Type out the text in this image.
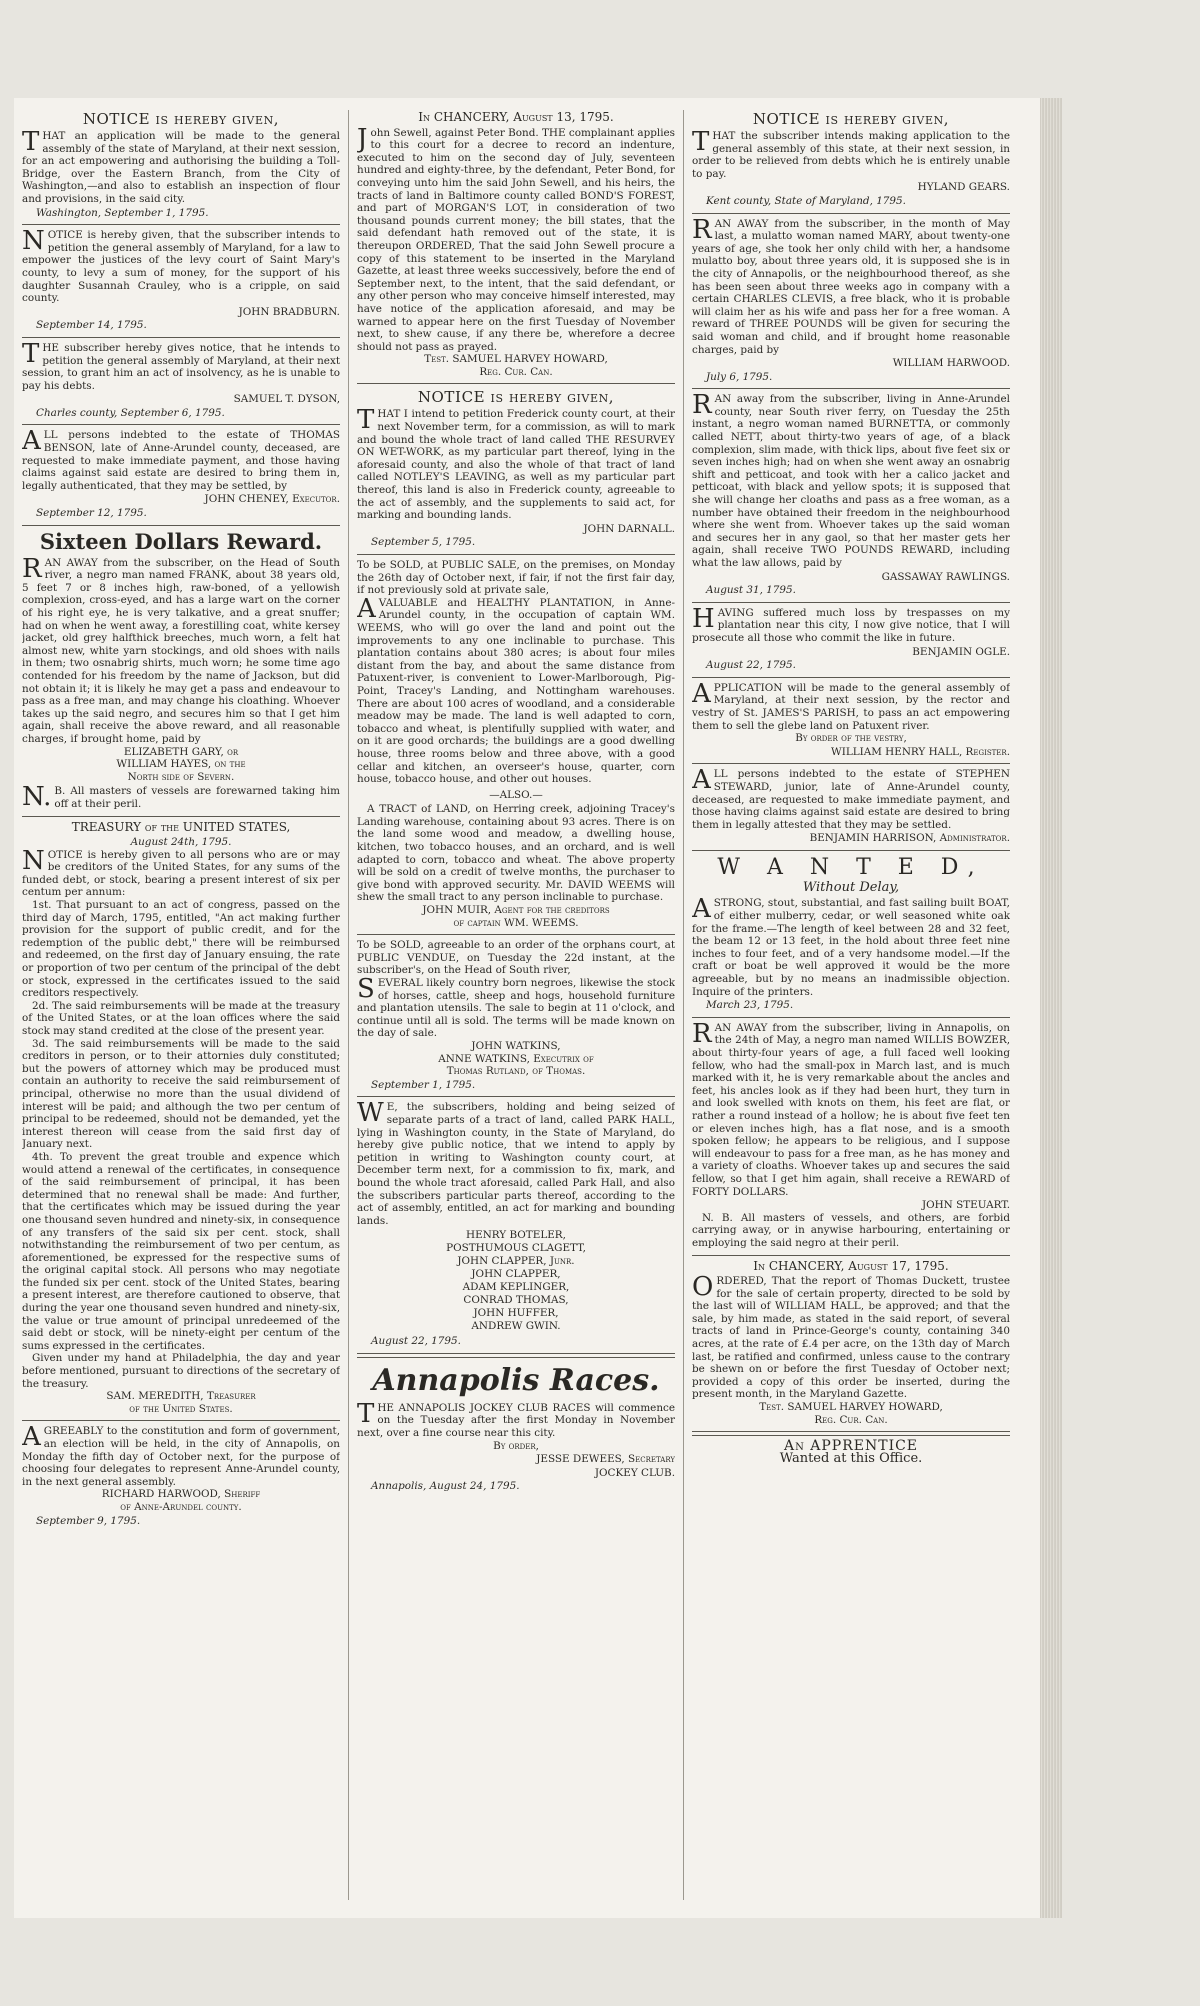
NOTICE is hereby given,

THAT an application will be made to the general assembly of the state of Maryland, at their next session, for an act empowering and authorising the building a Toll-Bridge, over the Eastern Branch, from the City of Washington,—and also to establish an inspection of flour and provisions, in the said city.

Washington, September 1, 1795.

NOTICE is hereby given, that the subscriber intends to petition the general assembly of Maryland, for a law to empower the justices of the levy court of Saint Mary's county, to levy a sum of money, for the support of his daughter Susannah Crauley, who is a cripple, on said county.

JOHN BRADBURN.
September 14, 1795.

THE subscriber hereby gives notice, that he intends to petition the general assembly of Maryland, at their next session, to grant him an act of insolvency, as he is unable to pay his debts.

SAMUEL T. DYSON,
Charles county, September 6, 1795.

ALL persons indebted to the estate of THOMAS BENSON, late of Anne-Arundel county, deceased, are requested to make immediate payment, and those having claims against said estate are desired to bring them in, legally authenticated, that they may be settled, by

JOHN CHENEY, Executor.
September 12, 1795.
Sixteen Dollars Reward.

RAN AWAY from the subscriber, on the Head of South river, a negro man named FRANK, about 38 years old, 5 feet 7 or 8 inches high, raw-boned, of a yellowish complexion, cross-eyed, and has a large wart on the corner of his right eye, he is very talkative, and a great snuffer; had on when he went away, a forestilling coat, white kersey jacket, old grey halfthick breeches, much worn, a felt hat almost new, white yarn stockings, and old shoes with nails in them; two osnabrig shirts, much worn; he some time ago contended for his freedom by the name of Jackson, but did not obtain it; it is likely he may get a pass and endeavour to pass as a free man, and may change his cloathing. Whoever takes up the said negro, and secures him so that I get him again, shall receive the above reward, and all reasonable charges, if brought home, paid by

ELIZABETH GARY, or
WILLIAM HAYES, on the
North side of Severn.

N.B. All masters of vessels are forewarned taking him off at their peril.

TREASURY of the UNITED STATES,
August 24th, 1795.

NOTICE is hereby given to all persons who are or may be creditors of the United States, for any sums of the funded debt, or stock, bearing a present interest of six per centum per annum:

1st. That pursuant to an act of congress, passed on the third day of March, 1795, entitled, "An act making further provision for the support of public credit, and for the redemption of the public debt," there will be reimbursed and redeemed, on the first day of January ensuing, the rate or proportion of two per centum of the principal of the debt or stock, expressed in the certificates issued to the said creditors respectively.

2d. The said reimbursements will be made at the treasury of the United States, or at the loan offices where the said stock may stand credited at the close of the present year.

3d. The said reimbursements will be made to the said creditors in person, or to their attornies duly constituted; but the powers of attorney which may be produced must contain an authority to receive the said reimbursement of principal, otherwise no more than the usual dividend of interest will be paid; and although the two per centum of principal to be redeemed, should not be demanded, yet the interest thereon will cease from the said first day of January next.

4th. To prevent the great trouble and expence which would attend a renewal of the certificates, in consequence of the said reimbursement of principal, it has been determined that no renewal shall be made: And further, that the certificates which may be issued during the year one thousand seven hundred and ninety-six, in consequence of any transfers of the said six per cent. stock, shall notwithstanding the reimbursement of two per centum, as aforementioned, be expressed for the respective sums of the original capital stock. All persons who may negotiate the funded six per cent. stock of the United States, bearing a present interest, are therefore cautioned to observe, that during the year one thousand seven hundred and ninety-six, the value or true amount of principal unredeemed of the said debt or stock, will be ninety-eight per centum of the sums expressed in the certificates.

Given under my hand at Philadelphia, the day and year before mentioned, pursuant to directions of the secretary of the treasury.

SAM. MEREDITH, Treasurer
of the United States.

AGREEABLY to the constitution and form of government, an election will be held, in the city of Annapolis, on Monday the fifth day of October next, for the purpose of choosing four delegates to represent Anne-Arundel county, in the next general assembly.

RICHARD HARWOOD, Sheriff
of Anne-Arundel county.
September 9, 1795.
In CHANCERY, August 13, 1795.

John Sewell, against Peter Bond. THE complainant applies to this court for a decree to record an indenture, executed to him on the second day of July, seventeen hundred and eighty-three, by the defendant, Peter Bond, for conveying unto him the said John Sewell, and his heirs, the tracts of land in Baltimore county called BOND'S FOREST, and part of MORGAN'S LOT, in consideration of two thousand pounds current money; the bill states, that the said defendant hath removed out of the state, it is thereupon ORDERED, That the said John Sewell procure a copy of this statement to be inserted in the Maryland Gazette, at least three weeks successively, before the end of September next, to the intent, that the said defendant, or any other person who may conceive himself interested, may have notice of the application aforesaid, and may be warned to appear here on the first Tuesday of November next, to shew cause, if any there be, wherefore a decree should not pass as prayed.

Test. SAMUEL HARVEY HOWARD,
Reg. Cur. Can.
NOTICE is hereby given,

THAT I intend to petition Frederick county court, at their next November term, for a commission, as will to mark and bound the whole tract of land called THE RESURVEY ON WET-WORK, as my particular part thereof, lying in the aforesaid county, and also the whole of that tract of land called NOTLEY'S LEAVING, as well as my particular part thereof, this land is also in Frederick county, agreeable to the act of assembly, and the supplements to said act, for marking and bounding lands.

JOHN DARNALL.
September 5, 1795.

To be SOLD, at PUBLIC SALE, on the premises, on Monday the 26th day of October next, if fair, if not the first fair day, if not previously sold at private sale,

AVALUABLE and HEALTHY PLANTATION, in Anne-Arundel county, in the occupation of captain WM. WEEMS, who will go over the land and point out the improvements to any one inclinable to purchase. This plantation contains about 380 acres; is about four miles distant from the bay, and about the same distance from Patuxent-river, is convenient to Lower-Marlborough, Pig-Point, Tracey's Landing, and Nottingham warehouses. There are about 100 acres of woodland, and a considerable meadow may be made. The land is well adapted to corn, tobacco and wheat, is plentifully supplied with water, and on it are good orchards; the buildings are a good dwelling house, three rooms below and three above, with a good cellar and kitchen, an overseer's house, quarter, corn house, tobacco house, and other out houses.

—ALSO.—

A TRACT of LAND, on Herring creek, adjoining Tracey's Landing warehouse, containing about 93 acres. There is on the land some wood and meadow, a dwelling house, kitchen, two tobacco houses, and an orchard, and is well adapted to corn, tobacco and wheat. The above property will be sold on a credit of twelve months, the purchaser to give bond with approved security. Mr. DAVID WEEMS will shew the small tract to any person inclinable to purchase.

JOHN MUIR, Agent for the creditors
of captain WM. WEEMS.

To be SOLD, agreeable to an order of the orphans court, at PUBLIC VENDUE, on Tuesday the 22d instant, at the subscriber's, on the Head of South river,

SEVERAL likely country born negroes, likewise the stock of horses, cattle, sheep and hogs, household furniture and plantation utensils. The sale to begin at 11 o'clock, and continue until all is sold. The terms will be made known on the day of sale.

JOHN WATKINS,
ANNE WATKINS, Executrix of
Thomas Rutland, of Thomas.
September 1, 1795.

WE, the subscribers, holding and being seized of separate parts of a tract of land, called PARK HALL, lying in Washington county, in the State of Maryland, do hereby give public notice, that we intend to apply by petition in writing to Washington county court, at December term next, for a commission to fix, mark, and bound the whole tract aforesaid, called Park Hall, and also the subscribers particular parts thereof, according to the act of assembly, entitled, an act for marking and bounding lands.

HENRY BOTELER,
POSTHUMOUS CLAGETT,
JOHN CLAPPER, Junr.
JOHN CLAPPER,
ADAM KEPLINGER,
CONRAD THOMAS,
JOHN HUFFER,
ANDREW GWIN.
August 22, 1795.
Annapolis Races.

THE ANNAPOLIS JOCKEY CLUB RACES will commence on the Tuesday after the first Monday in November next, over a fine course near this city.

By order,
JESSE DEWEES, Secretary
JOCKEY CLUB.
Annapolis, August 24, 1795.
NOTICE is hereby given,

THAT the subscriber intends making application to the general assembly of this state, at their next session, in order to be relieved from debts which he is entirely unable to pay.

HYLAND GEARS.
Kent county, State of Maryland, 1795.

RAN AWAY from the subscriber, in the month of May last, a mulatto woman named MARY, about twenty-one years of age, she took her only child with her, a handsome mulatto boy, about three years old, it is supposed she is in the city of Annapolis, or the neighbourhood thereof, as she has been seen about three weeks ago in company with a certain CHARLES CLEVIS, a free black, who it is probable will claim her as his wife and pass her for a free woman. A reward of THREE POUNDS will be given for securing the said woman and child, and if brought home reasonable charges, paid by

WILLIAM HARWOOD.
July 6, 1795.

RAN away from the subscriber, living in Anne-Arundel county, near South river ferry, on Tuesday the 25th instant, a negro woman named BURNETTA, or commonly called NETT, about thirty-two years of age, of a black complexion, slim made, with thick lips, about five feet six or seven inches high; had on when she went away an osnabrig shift and petticoat, and took with her a calico jacket and petticoat, with black and yellow spots; it is supposed that she will change her cloaths and pass as a free woman, as a number have obtained their freedom in the neighbourhood where she went from. Whoever takes up the said woman and secures her in any gaol, so that her master gets her again, shall receive TWO POUNDS REWARD, including what the law allows, paid by

GASSAWAY RAWLINGS.
August 31, 1795.

HAVING suffered much loss by trespasses on my plantation near this city, I now give notice, that I will prosecute all those who commit the like in future.

BENJAMIN OGLE.
August 22, 1795.

APPLICATION will be made to the general assembly of Maryland, at their next session, by the rector and vestry of St. JAMES'S PARISH, to pass an act empowering them to sell the glebe land on Patuxent river.

By order of the vestry,
WILLIAM HENRY HALL, Register.

ALL persons indebted to the estate of STEPHEN STEWARD, junior, late of Anne-Arundel county, deceased, are requested to make immediate payment, and those having claims against said estate are desired to bring them in legally attested that they may be settled.

BENJAMIN HARRISON, Administrator.
W A N T E D,
Without Delay,

ASTRONG, stout, substantial, and fast sailing built BOAT, of either mulberry, cedar, or well seasoned white oak for the frame.—The length of keel between 28 and 32 feet, the beam 12 or 13 feet, in the hold about three feet nine inches to four feet, and of a very handsome model.—If the craft or boat be well approved it would be the more agreeable, but by no means an inadmissible objection. Inquire of the printers.

March 23, 1795.

RAN AWAY from the subscriber, living in Annapolis, on the 24th of May, a negro man named WILLIS BOWZER, about thirty-four years of age, a full faced well looking fellow, who had the small-pox in March last, and is much marked with it, he is very remarkable about the ancles and feet, his ancles look as if they had been hurt, they turn in and look swelled with knots on them, his feet are flat, or rather a round instead of a hollow; he is about five feet ten or eleven inches high, has a flat nose, and is a smooth spoken fellow; he appears to be religious, and I suppose will endeavour to pass for a free man, as he has money and a variety of cloaths. Whoever takes up and secures the said fellow, so that I get him again, shall receive a REWARD of FORTY DOLLARS.

JOHN STEUART.

N. B. All masters of vessels, and others, are forbid carrying away, or in anywise harbouring, entertaining or employing the said negro at their peril.

In CHANCERY, August 17, 1795.

ORDERED, That the report of Thomas Duckett, trustee for the sale of certain property, directed to be sold by the last will of WILLIAM HALL, be approved; and that the sale, by him made, as stated in the said report, of several tracts of land in Prince-George's county, containing 340 acres, at the rate of £.4 per acre, on the 13th day of March last, be ratified and confirmed, unless cause to the contrary be shewn on or before the first Tuesday of October next; provided a copy of this order be inserted, during the present month, in the Maryland Gazette.

Test. SAMUEL HARVEY HOWARD,
Reg. Cur. Can.
An APPRENTICE
Wanted at this Office.
